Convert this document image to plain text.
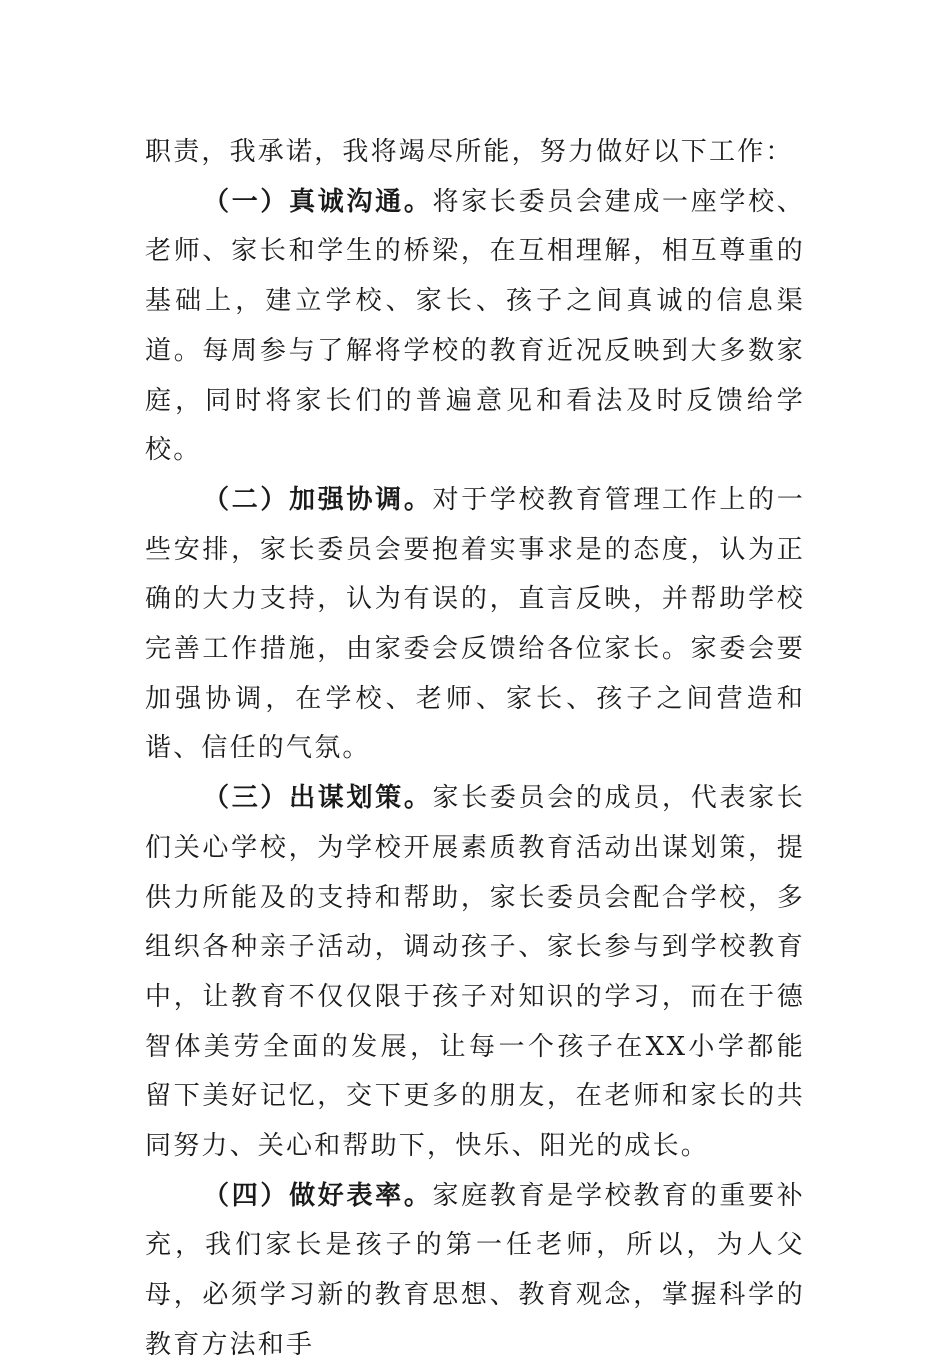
职责，我承诺，我将竭尽所能，努力做好以下工作：

（一）真诚沟通。将家长委员会建成一座学校、老师、家长和学生的桥梁，在互相理解，相互尊重的基础上，建立学校、家长、孩子之间真诚的信息渠道。每周参与了解将学校的教育近况反映到大多数家庭，同时将家长们的普遍意见和看法及时反馈给学校。

（二）加强协调。对于学校教育管理工作上的一些安排，家长委员会要抱着实事求是的态度，认为正确的大力支持，认为有误的，直言反映，并帮助学校完善工作措施，由家委会反馈给各位家长。家委会要加强协调，在学校、老师、家长、孩子之间营造和谐、信任的气氛。

（三）出谋划策。家长委员会的成员，代表家长们关心学校，为学校开展素质教育活动出谋划策，提供力所能及的支持和帮助，家长委员会配合学校，多组织各种亲子活动，调动孩子、家长参与到学校教育中，让教育不仅仅限于孩子对知识的学习，而在于德智体美劳全面的发展，让每一个孩子在XX小学都能留下美好记忆，交下更多的朋友，在老师和家长的共同努力、关心和帮助下，快乐、阳光的成长。

（四）做好表率。家庭教育是学校教育的重要补充，我们家长是孩子的第一任老师，所以，为人父母，必须学习新的教育思想、教育观念，掌握科学的教育方法和手
